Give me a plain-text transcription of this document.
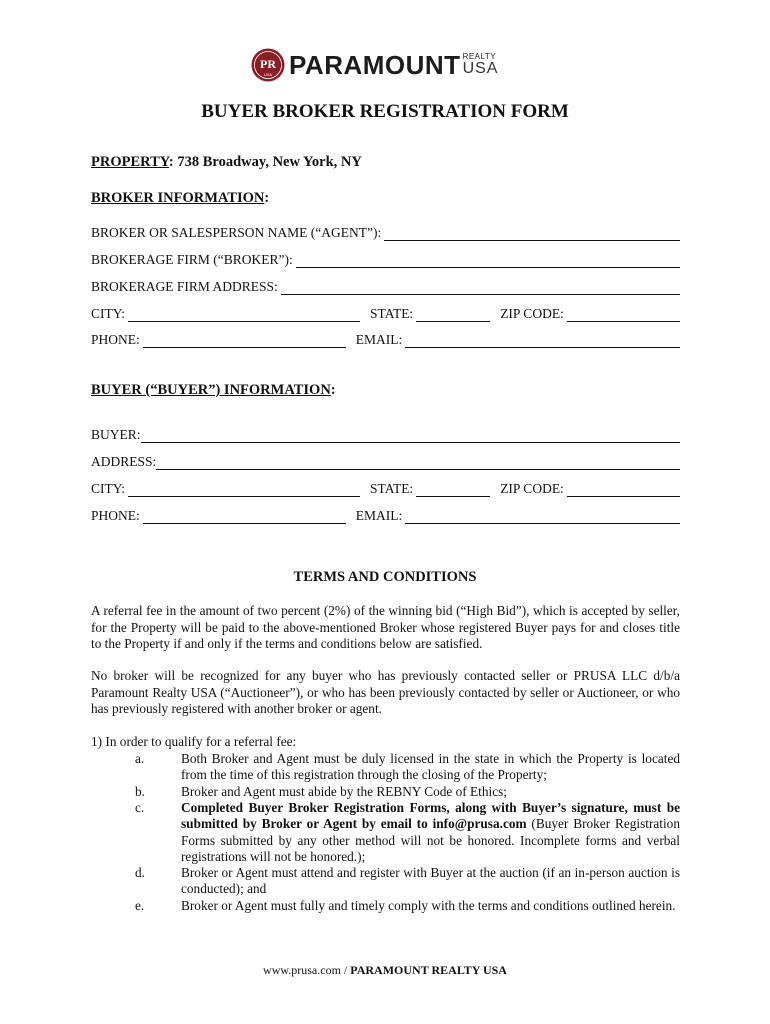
PR
USA PARAMOUNT REALTY
USA
BUYER BROKER REGISTRATION FORM
PROPERTY: 738 Broadway, New York, NY
BROKER INFORMATION:
BROKER OR SALESPERSON NAME (“AGENT”):
BROKERAGE FIRM (“BROKER”):
BROKERAGE FIRM ADDRESS:
CITY:	STATE:	ZIP CODE:
PHONE:	EMAIL:
BUYER (“BUYER”) INFORMATION:
BUYER:
ADDRESS:
CITY:	STATE:	ZIP CODE:
PHONE:	EMAIL:
TERMS AND CONDITIONS
A referral fee in the amount of two percent (2%) of the winning bid (“High Bid”), which is accepted by seller, for the Property will be paid to the above-mentioned Broker whose registered Buyer pays for and closes title to the Property if and only if the terms and conditions below are satisfied.
No broker will be recognized for any buyer who has previously contacted seller or PRUSA LLC d/b/a Paramount Realty USA (“Auctioneer”), or who has been previously contacted by seller or Auctioneer, or who has previously registered with another broker or agent.
1) In order to qualify for a referral fee:
a.	Both Broker and Agent must be duly licensed in the state in which the Property is located from the time of this registration through the closing of the Property;
b.	Broker and Agent must abide by the REBNY Code of Ethics;
c.	Completed Buyer Broker Registration Forms, along with Buyer’s signature, must be submitted by Broker or Agent by email to info@prusa.com (Buyer Broker Registration Forms submitted by any other method will not be honored. Incomplete forms and verbal registrations will not be honored.);
d.	Broker or Agent must attend and register with Buyer at the auction (if an in-person auction is conducted); and
e.	Broker or Agent must fully and timely comply with the terms and conditions outlined herein.
www.prusa.com / PARAMOUNT REALTY USA
